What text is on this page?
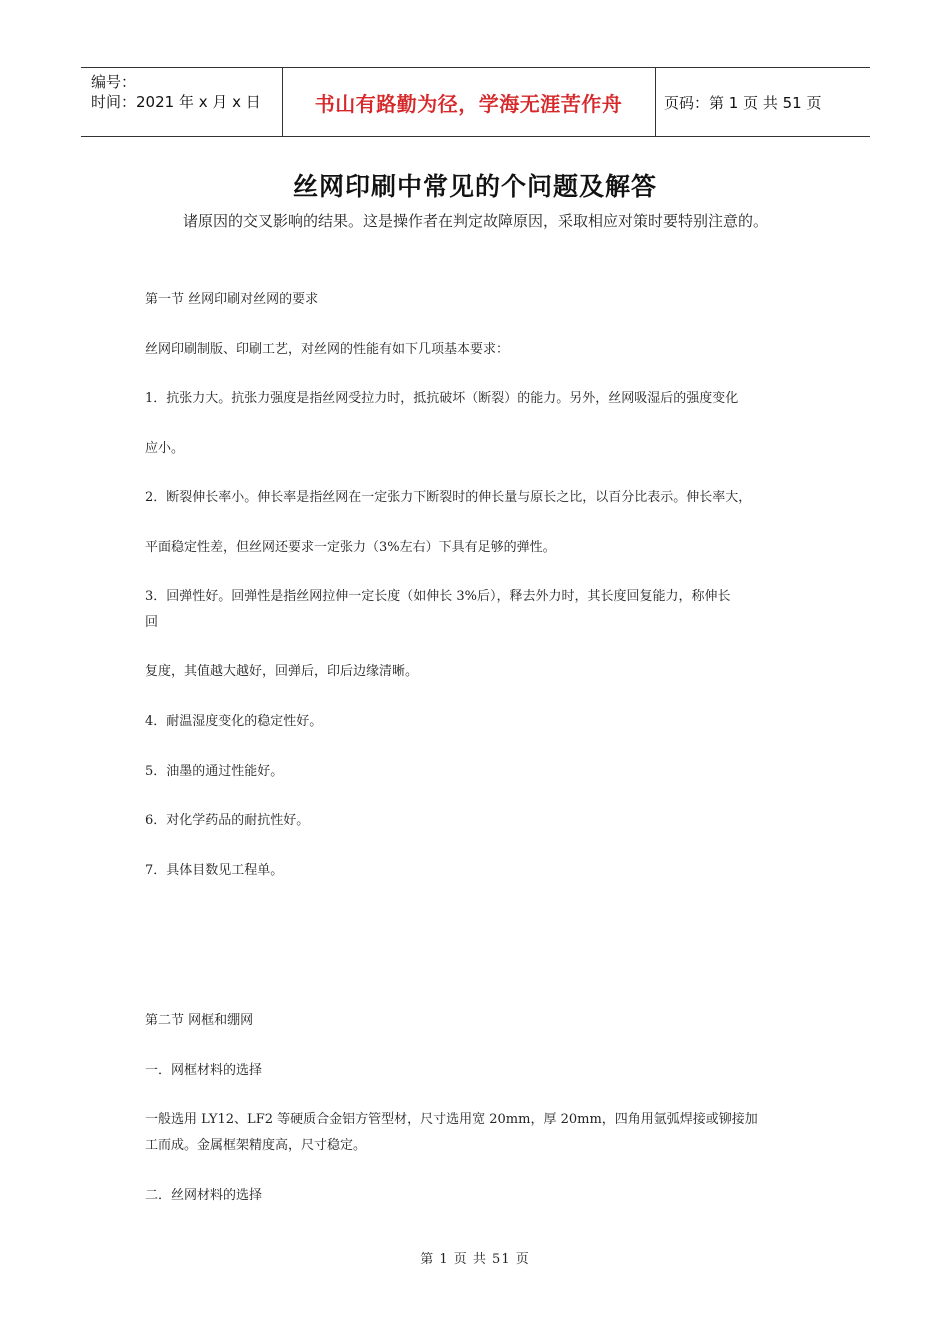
编号：
时间：2021 年 x 月 x 日	书山有路勤为径，学海无涯苦作舟	页码：第 1 页 共 51 页
丝网印刷中常见的个问题及解答
诸原因的交叉影响的结果。这是操作者在判定故障原因，采取相应对策时要特别注意的。
第一节 丝网印刷对丝网的要求
丝网印刷制版、印刷工艺，对丝网的性能有如下几项基本要求：
1．抗张力大。抗张力强度是指丝网受拉力时，抵抗破坏（断裂）的能力。另外，丝网吸湿后的强度变化
应小。
2．断裂伸长率小。伸长率是指丝网在一定张力下断裂时的伸长量与原长之比，以百分比表示。伸长率大，
平面稳定性差，但丝网还要求一定张力（3%左右）下具有足够的弹性。
3．回弹性好。回弹性是指丝网拉伸一定长度（如伸长 3%后），释去外力时，其长度回复能力，称伸长
回
复度，其值越大越好，回弹后，印后边缘清晰。
4．耐温湿度变化的稳定性好。
5．油墨的通过性能好。
6．对化学药品的耐抗性好。
7．具体目数见工程单。
第二节 网框和绷网
一．网框材料的选择
一般选用 LY12、LF2 等硬质合金铝方管型材，尺寸选用宽 20mm，厚 20mm，四角用氩弧焊接或铆接加
工而成。金属框架精度高，尺寸稳定。
二．丝网材料的选择
第 1 页 共 51 页
